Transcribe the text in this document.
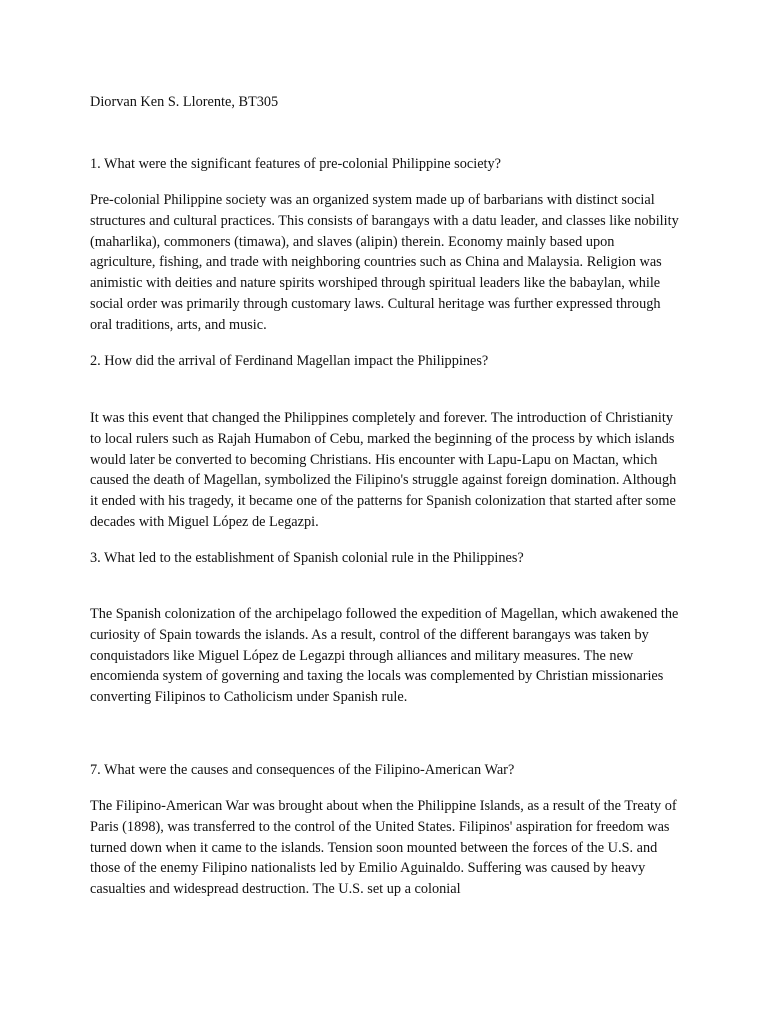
Diorvan Ken S. Llorente, BT305

1. What were the significant features of pre-colonial Philippine society?

Pre-colonial Philippine society was an organized system made up of barbarians with distinct social structures and cultural practices. This consists of barangays with a datu leader, and classes like nobility (maharlika), commoners (timawa), and slaves (alipin) therein. Economy mainly based upon agriculture, fishing, and trade with neighboring countries such as China and Malaysia. Religion was animistic with deities and nature spirits worshiped through spiritual leaders like the babaylan, while social order was primarily through customary laws. Cultural heritage was further expressed through oral traditions, arts, and music.

2. How did the arrival of Ferdinand Magellan impact the Philippines?

It was this event that changed the Philippines completely and forever. The introduction of Christianity to local rulers such as Rajah Humabon of Cebu, marked the beginning of the process by which islands would later be converted to becoming Christians. His encounter with Lapu-Lapu on Mactan, which caused the death of Magellan, symbolized the Filipino's struggle against foreign domination. Although it ended with his tragedy, it became one of the patterns for Spanish colonization that started after some decades with Miguel López de Legazpi.

3. What led to the establishment of Spanish colonial rule in the Philippines?

The Spanish colonization of the archipelago followed the expedition of Magellan, which awakened the curiosity of Spain towards the islands. As a result, control of the different barangays was taken by conquistadors like Miguel López de Legazpi through alliances and military measures. The new encomienda system of governing and taxing the locals was complemented by Christian missionaries converting Filipinos to Catholicism under Spanish rule.

7. What were the causes and consequences of the Filipino-American War?

The Filipino-American War was brought about when the Philippine Islands, as a result of the Treaty of Paris (1898), was transferred to the control of the United States. Filipinos' aspiration for freedom was turned down when it came to the islands. Tension soon mounted between the forces of the U.S. and those of the enemy Filipino nationalists led by Emilio Aguinaldo. Suffering was caused by heavy casualties and widespread destruction. The U.S. set up a colonial
